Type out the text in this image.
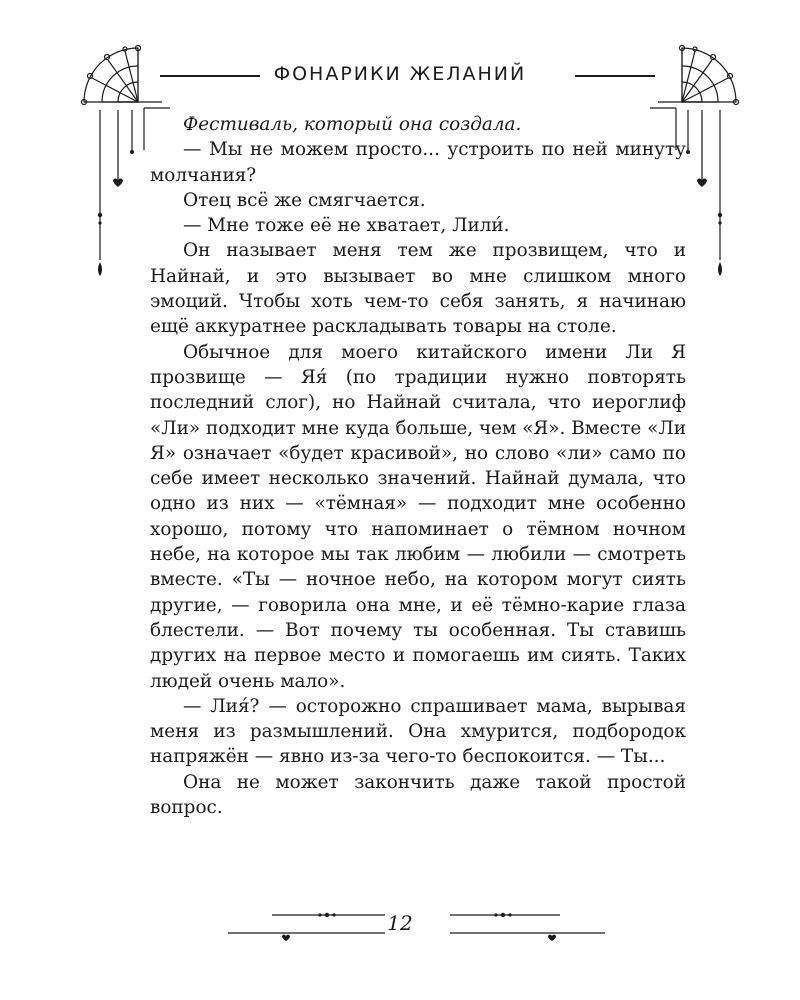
ФОНАРИКИ ЖЕЛАНИЙ

Фестиваль, который она создала.

— Мы не можем просто... устроить по ней минуту молчания?

Отец всё же смягчается.

— Мне тоже её не хватает, Лили́.

Он называет меня тем же прозвищем, что и Найнай, и это вызывает во мне слишком много эмоций. Чтобы хоть чем-то себя занять, я начинаю ещё аккуратнее раскладывать товары на столе.

Обычное для моего китайского имени Ли Я прозвище — Яя́ (по традиции нужно повторять последний слог), но Найнай считала, что иероглиф «Ли» подходит мне куда больше, чем «Я». Вместе «Ли Я» означает «будет красивой», но слово «ли» само по себе имеет несколько значений. Найнай думала, что одно из них — «тёмная» — подходит мне особенно хорошо, потому что напоминает о тёмном ночном небе, на которое мы так любим — любили — смотреть вместе. «Ты — ночное небо, на котором могут сиять другие, — говорила она мне, и её тёмно-карие глаза блестели. — Вот почему ты особенная. Ты ставишь других на первое место и помогаешь им сиять. Таких людей очень мало».

— Лия́? — осторожно спрашивает мама, вырывая меня из размышлений. Она хмурится, подбородок напряжён — явно из-за чего-то беспокоится. — Ты...

Она не может закончить даже такой простой вопрос.

12
